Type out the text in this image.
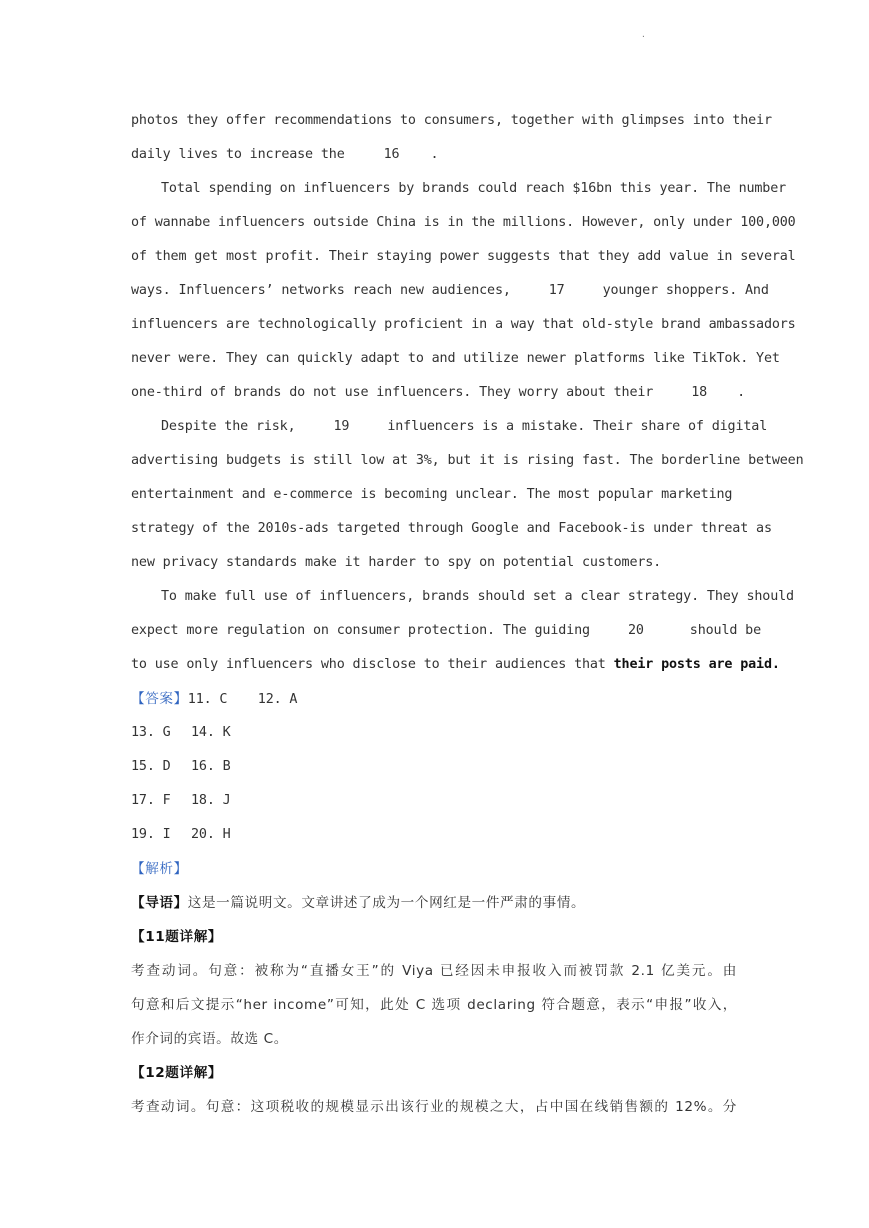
.
photos they offer recommendations to consumers, together with glimpses into their
daily lives to increase the 16 .
Total spending on influencers by brands could reach $16bn this year. The number
of wannabe influencers outside China is in the millions. However, only under 100,000
of them get most profit. Their staying power suggests that they add value in several
ways. Influencers’ networks reach new audiences, 17 younger shoppers. And
influencers are technologically proficient in a way that old-style brand ambassadors
never were. They can quickly adapt to and utilize newer platforms like TikTok. Yet
one-third of brands do not use influencers. They worry about their 18 .
Despite the risk, 19 influencers is a mistake. Their share of digital
advertising budgets is still low at 3%, but it is rising fast. The borderline between
entertainment and e-commerce is becoming unclear. The most popular marketing
strategy of the 2010s-ads targeted through Google and Facebook-is under threat as
new privacy standards make it harder to spy on potential customers.
To make full use of influencers, brands should set a clear strategy. They should
expect more regulation on consumer protection. The guiding	20	should be
to use only influencers who disclose to their audiences that their posts are paid.
【答案】11. C 12. A
13. G 14. K
15. D 16. B
17. F 18. J
19. I 20. H
【解析】
【导语】这是一篇说明文。文章讲述了成为一个网红是一件严肃的事情。
【11题详解】
考查动词。句意：被称为“直播女王”的 Viya 已经因未申报收入而被罚款 2.1 亿美元。由
句意和后文提示“her income”可知，此处 C 选项 declaring 符合题意，表示“申报”收入，
作介词的宾语。故选 C。
【12题详解】
考查动词。句意：这项税收的规模显示出该行业的规模之大，占中国在线销售额的 12%。分
